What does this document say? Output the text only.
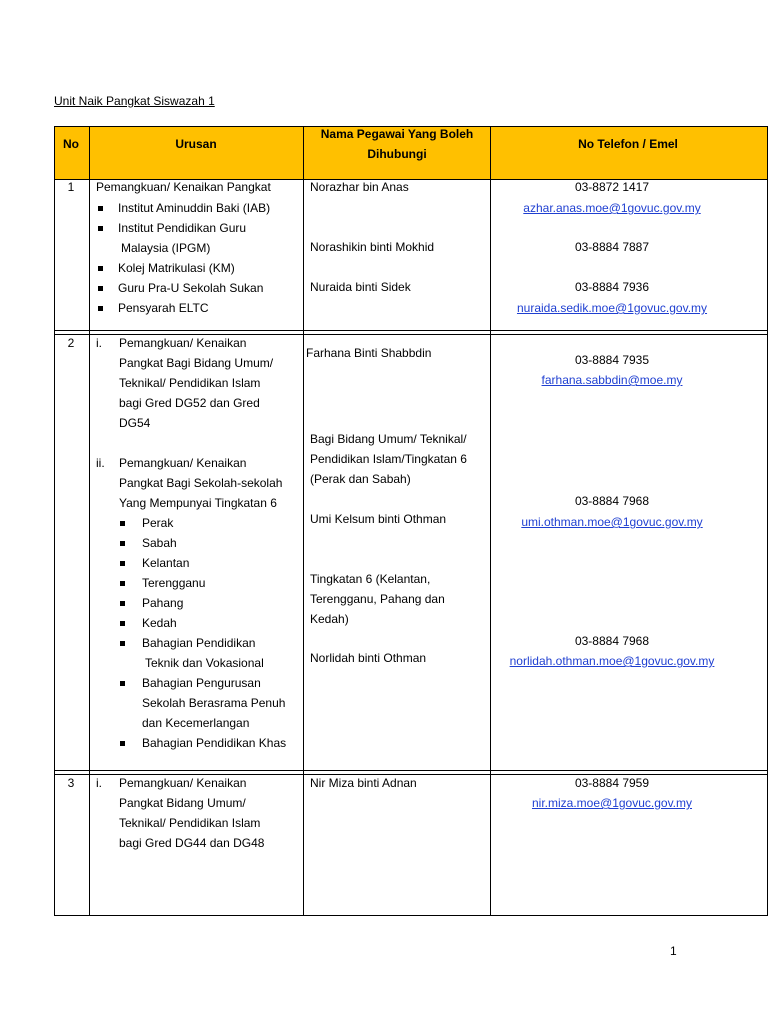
Unit Naik Pangkat Siswazah 1
No	Urusan
Nama Pegawai Yang Boleh
Dihubungi
No Telefon / Emel
1 Pemangkuan/ Kenaikan Pangkat
Institut Aminuddin Baki (IAB)
Institut Pendidikan Guru
Malaysia (IPGM)
Kolej Matrikulasi (KM)
Guru Pra-U Sekolah Sukan
Pensyarah ELTC
Norazhar bin Anas
Norashikin binti Mokhid
Nuraida binti Sidek
03-8872 1417
azhar.anas.moe@1govuc.gov.my
03-8884 7887
03-8884 7936
nuraida.sedik.moe@1govuc.gov.my
2 i. Pemangkuan/ Kenaikan
Pangkat Bagi Bidang Umum/
Teknikal/ Pendidikan Islam
bagi Gred DG52 dan Gred
DG54
ii. Pemangkuan/ Kenaikan
Pangkat Bagi Sekolah-sekolah
Yang Mempunyai Tingkatan 6
Perak
Sabah
Kelantan
Terengganu
Pahang
Kedah
Bahagian Pendidikan
Teknik dan Vokasional
Bahagian Pengurusan
Sekolah Berasrama Penuh
dan Kecemerlangan
Bahagian Pendidikan Khas
Farhana Binti Shabbdin
Bagi Bidang Umum/ Teknikal/
Pendidikan Islam/Tingkatan 6
(Perak dan Sabah)
Umi Kelsum binti Othman
Tingkatan 6 (Kelantan,
Terengganu, Pahang dan
Kedah)
Norlidah binti Othman
03-8884 7935
farhana.sabbdin@moe.my
03-8884 7968
umi.othman.moe@1govuc.gov.my
03-8884 7968
norlidah.othman.moe@1govuc.gov.my
3 i. Pemangkuan/ Kenaikan
Pangkat Bidang Umum/
Teknikal/ Pendidikan Islam
bagi Gred DG44 dan DG48
Nir Miza binti Adnan	03-8884 7959
nir.miza.moe@1govuc.gov.my
1
